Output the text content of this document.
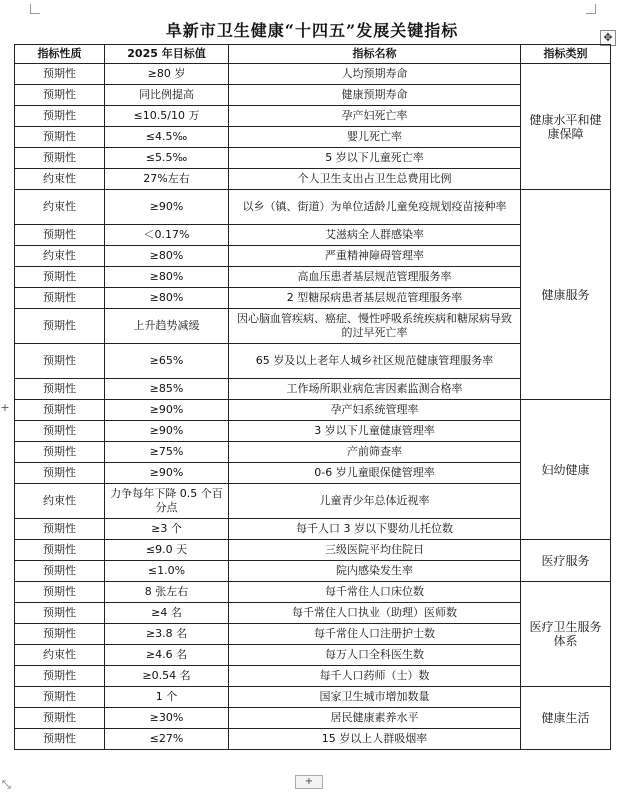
✥
+
+
⤡
阜新市卫生健康“十四五”发展关键指标
指标性质	2025 年目标值	指标名称	指标类别
预期性	≥80 岁	人均预期寿命	健康水平和健康保障
预期性	同比例提高	健康预期寿命	
预期性	≤10.5/10 万	孕产妇死亡率	
预期性	≤4.5‰	婴儿死亡率	
预期性	≤5.5‰	5 岁以下儿童死亡率	
约束性	27%左右	个人卫生支出占卫生总费用比例	
约束性	≥90%	以乡（镇、街道）为单位适龄儿童免疫规划疫苗接种率	健康服务
预期性	＜0.17%	艾滋病全人群感染率	
约束性	≥80%	严重精神障碍管理率	
预期性	≥80%	高血压患者基层规范管理服务率	
预期性	≥80%	2 型糖尿病患者基层规范管理服务率	
预期性	上升趋势减缓	因心脑血管疾病、癌症、慢性呼吸系统疾病和糖尿病导致的过早死亡率	
预期性	≥65%	65 岁及以上老年人城乡社区规范健康管理服务率	
预期性	≥85%	工作场所职业病危害因素监测合格率	
预期性	≥90%	孕产妇系统管理率	妇幼健康
预期性	≥90%	3 岁以下儿童健康管理率	
预期性	≥75%	产前筛查率	
预期性	≥90%	0-6 岁儿童眼保健管理率	
约束性	力争每年下降 0.5 个百分点	儿童青少年总体近视率	
预期性	≥3 个	每千人口 3 岁以下婴幼儿托位数	
预期性	≤9.0 天	三级医院平均住院日	医疗服务
预期性	≤1.0%	院内感染发生率	
预期性	8 张左右	每千常住人口床位数	医疗卫生服务体系
预期性	≥4 名	每千常住人口执业（助理）医师数	
预期性	≥3.8 名	每千常住人口注册护士数	
约束性	≥4.6 名	每万人口全科医生数	
预期性	≥0.54 名	每千人口药师（士）数	
预期性	1 个	国家卫生城市增加数量	健康生活
预期性	≥30%	居民健康素养水平	
预期性	≤27%	15 岁以上人群吸烟率	
